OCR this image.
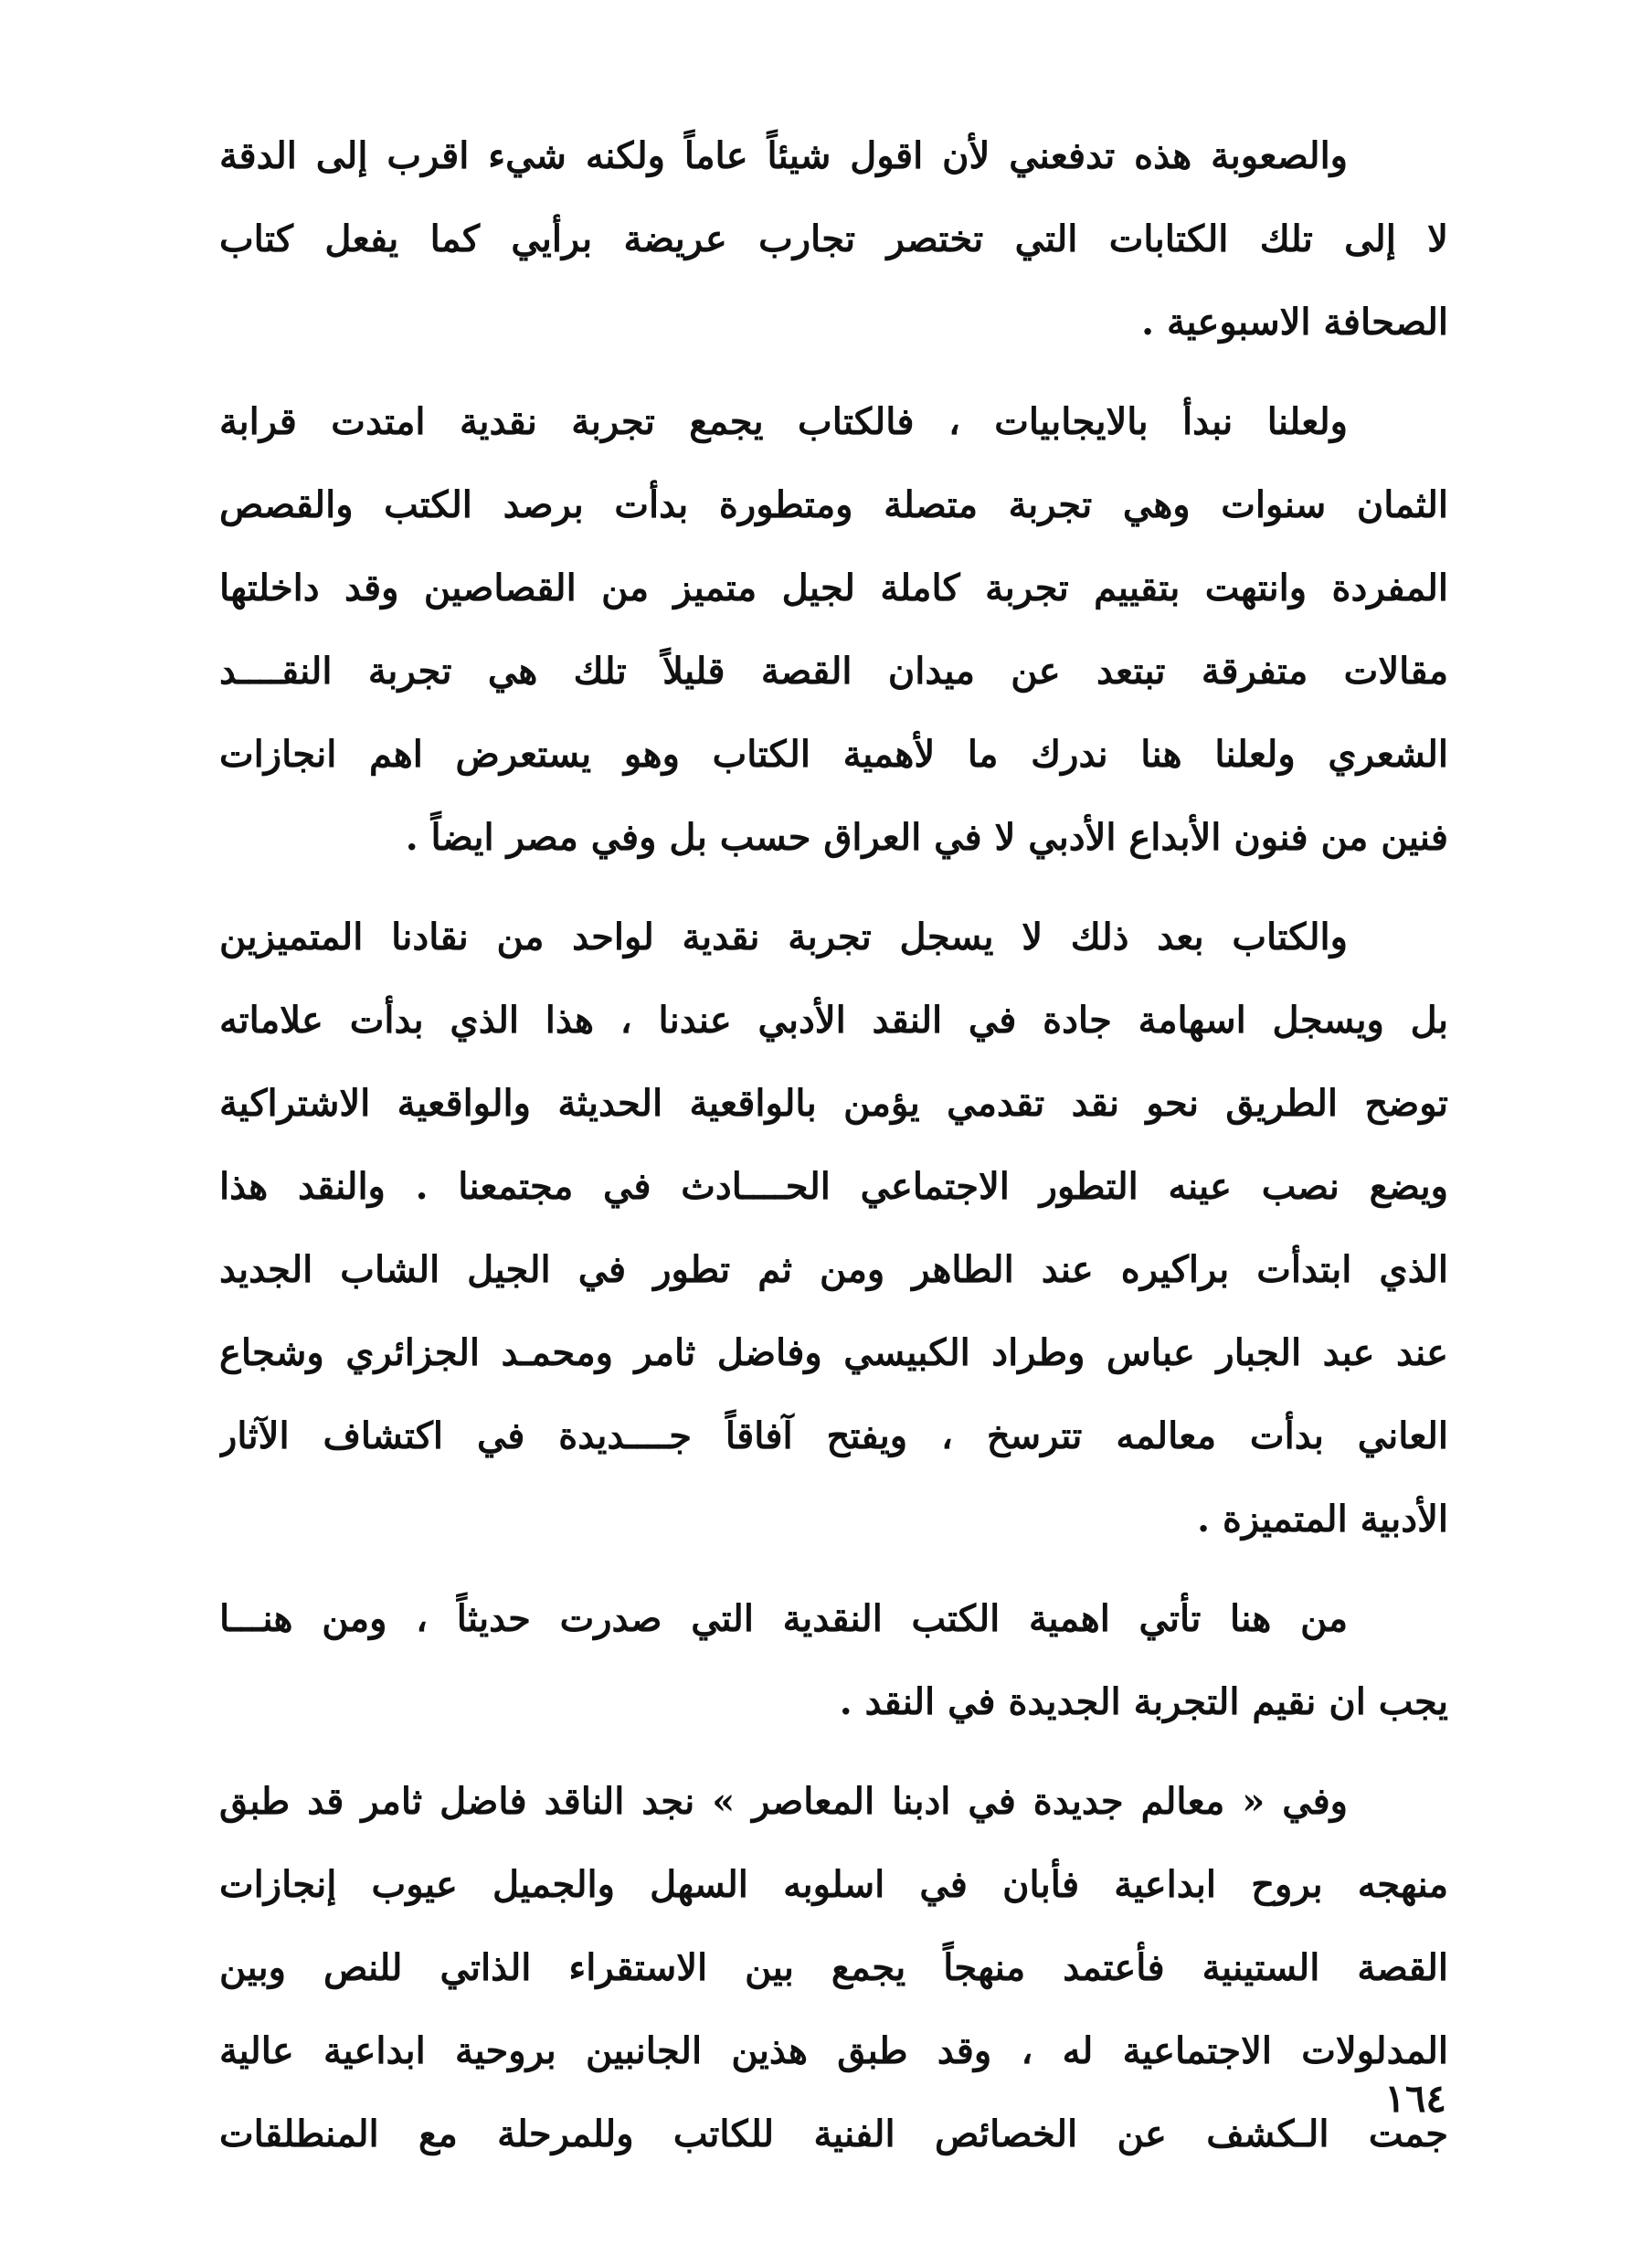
والصعوبة هذه تدفعني لأن اقول شيئاً عاماً ولكنه شيء اقرب إلى الدقة
لا إلى تلك الكتابات التي تختصر تجارب عريضة برأيي كما يفعل كتاب
الصحافة الاسبوعية .

ولعلنا نبدأ بالايجابيات ، فالكتاب يجمع تجربة نقدية امتدت قرابة
الثمان سنوات وهي تجربة متصلة ومتطورة بدأت برصد الكتب والقصص
المفردة وانتهت بتقييم تجربة كاملة لجيل متميز من القصاصين وقد داخلتها
مقالات متفرقة تبتعد عن ميدان القصة قليلاً تلك هي تجربة النقــــد
الشعري ولعلنا هنا ندرك ما لأهمية الكتاب وهو يستعرض اهم انجازات
فنين من فنون الأبداع الأدبي لا في العراق حسب بل وفي مصر ايضاً .

والكتاب بعد ذلك لا يسجل تجربة نقدية لواحد من نقادنا المتميزين
بل ويسجل اسهامة جادة في النقد الأدبي عندنا ، هذا الذي بدأت علاماته
توضح الطريق نحو نقد تقدمي يؤمن بالواقعية الحديثة والواقعية الاشتراكية
ويضع نصب عينه التطور الاجتماعي الحــــادث في مجتمعنا . والنقد هذا
الذي ابتدأت براكيره عند الطاهر ومن ثم تطور في الجيل الشاب الجديد
عند عبد الجبار عباس وطراد الكبيسي وفاضل ثامر ومحمـد الجزائري وشجاع
العاني بدأت معالمه تترسخ ، ويفتح آفاقاً جــــديدة في اكتشاف الآثار
الأدبية المتميزة .

من هنا تأتي اهمية الكتب النقدية التي صدرت حديثاً ، ومن هنـــا
يجب ان نقيم التجربة الجديدة في النقد .

وفي « معالم جديدة في ادبنا المعاصر » نجد الناقد فاضل ثامر قد طبق
منهجه بروح ابداعية فأبان في اسلوبه السهل والجميل عيوب إنجازات
القصة الستينية فأعتمد منهجاً يجمع بين الاستقراء الذاتي للنص وبين
المدلولات الاجتماعية له ، وقد طبق هذين الجانبين بروحية ابداعية عالية
جمت الـكشف عن الخصائص الفنية للكاتب وللمرحلة مع المنطلقات

١٦٤
